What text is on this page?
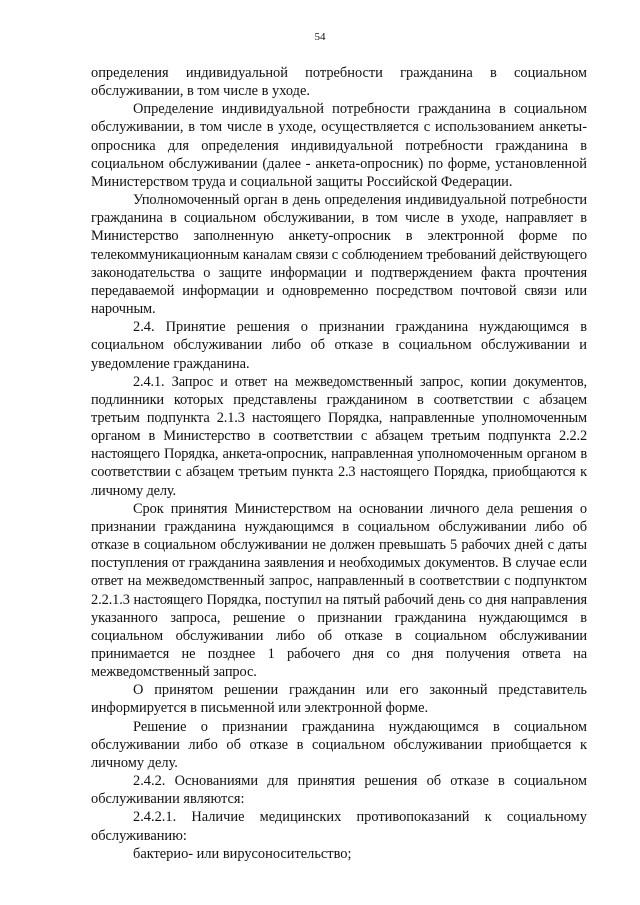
54

определения индивидуальной потребности гражданина в социальном обслуживании, в том числе в уходе.

Определение индивидуальной потребности гражданина в социальном обслуживании, в том числе в уходе, осуществляется с использованием анкеты-опросника для определения индивидуальной потребности гражданина в социальном обслуживании (далее - анкета-опросник) по форме, установленной Министерством труда и социальной защиты Российской Федерации.

Уполномоченный орган в день определения индивидуальной потребности гражданина в социальном обслуживании, в том числе в уходе, направляет в Министерство заполненную анкету-опросник в электронной форме по телекоммуникационным каналам связи с соблюдением требований действующего законодательства о защите информации и подтверждением факта прочтения передаваемой информации и одновременно посредством почтовой связи или нарочным.

2.4. Принятие решения о признании гражданина нуждающимся в социальном обслуживании либо об отказе в социальном обслуживании и уведомление гражданина.

2.4.1. Запрос и ответ на межведомственный запрос, копии документов, подлинники которых представлены гражданином в соответствии с абзацем третьим подпункта 2.1.3 настоящего Порядка, направленные уполномоченным органом в Министерство в соответствии с абзацем третьим подпункта 2.2.2 настоящего Порядка, анкета-опросник, направленная уполномоченным органом в соответствии с абзацем третьим пункта 2.3 настоящего Порядка, приобщаются к личному делу.

Срок принятия Министерством на основании личного дела решения о признании гражданина нуждающимся в социальном обслуживании либо об отказе в социальном обслуживании не должен превышать 5 рабочих дней с даты поступления от гражданина заявления и необходимых документов. В случае если ответ на межведомственный запрос, направленный в соответствии с подпунктом 2.2.1.3 настоящего Порядка, поступил на пятый рабочий день со дня направления указанного запроса, решение о признании гражданина нуждающимся в социальном обслуживании либо об отказе в социальном обслуживании принимается не позднее 1 рабочего дня со дня получения ответа на межведомственный запрос.

О принятом решении гражданин или его законный представитель информируется в письменной или электронной форме.

Решение о признании гражданина нуждающимся в социальном обслуживании либо об отказе в социальном обслуживании приобщается к личному делу.

2.4.2. Основаниями для принятия решения об отказе в социальном обслуживании являются:

2.4.2.1. Наличие медицинских противопоказаний к социальному обслуживанию:

бактерио- или вирусоносительство;
